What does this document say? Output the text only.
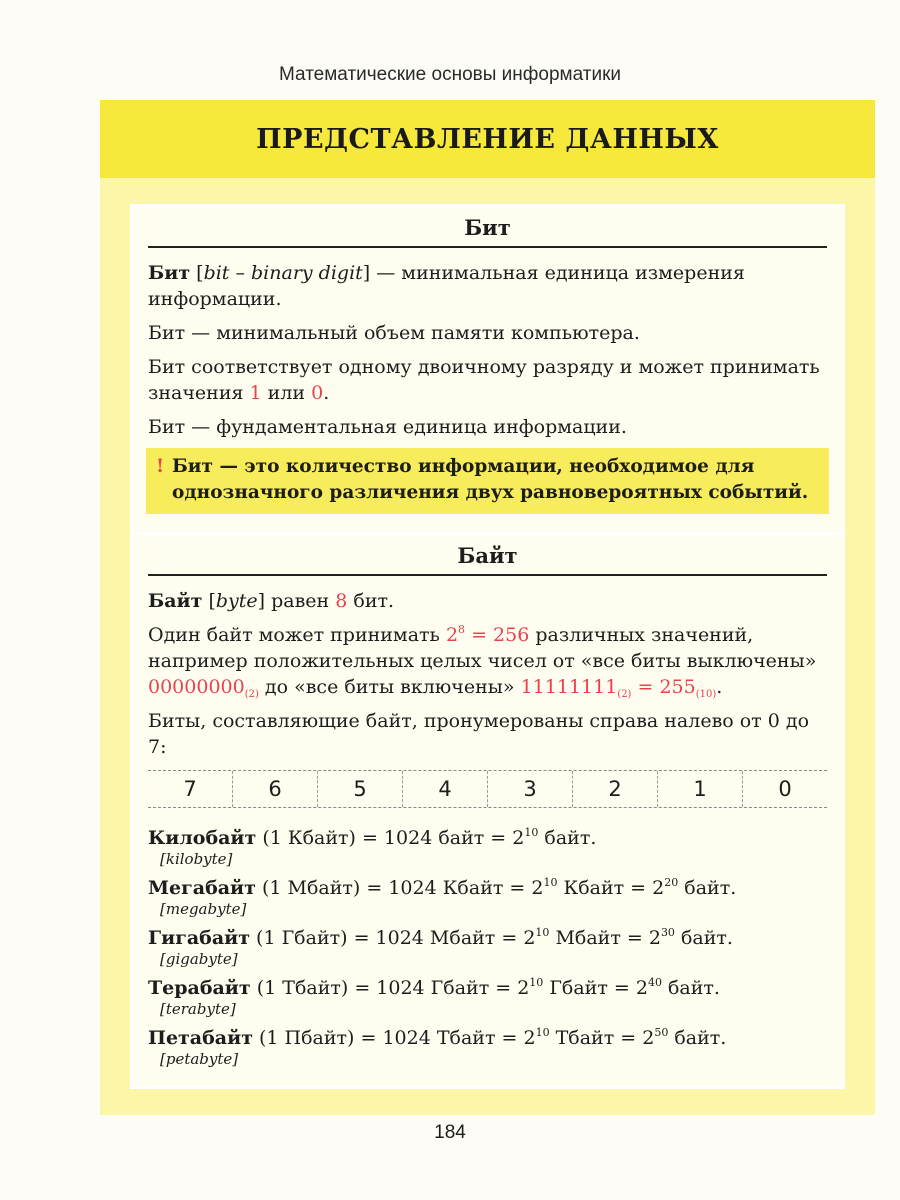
Математические основы информатики
ПРЕДСТАВЛЕНИЕ ДАННЫХ
Бит

Бит [bit – binary digit] — минимальная единица измерения информации.

Бит — минимальный объем памяти компьютера.

Бит соответствует одному двоичному разряду и может принимать значения 1 или 0.

Бит — фундаментальная единица информации.

! Бит — это количество информации, необходимое для однозначного различения двух равновероятных событий.
Байт

Байт [byte] равен 8 бит.

Один байт может принимать $2^8 = 256$ различных значений, например положительных целых чисел от «все биты выключены» $00000000_{(2)}$ до «все биты включены» $11111111_{(2)} = 255_{(10)}$.

Биты, составляющие байт, пронумерованы справа налево от 0 до 7:

7	6	5	4	3	2	1	0
Килобайт (1 Кбайт) = 1024 байт = $2^{10}$ байт.
[kilobyte]
Мегабайт (1 Мбайт) = 1024 Кбайт = $2^{10}$ Кбайт = $2^{20}$ байт.
[megabyte]
Гигабайт (1 Гбайт) = 1024 Мбайт = $2^{10}$ Мбайт = $2^{30}$ байт.
[gigabyte]
Терабайт (1 Тбайт) = 1024 Гбайт = $2^{10}$ Гбайт = $2^{40}$ байт.
[terabyte]
Петабайт (1 Пбайт) = 1024 Тбайт = $2^{10}$ Тбайт = $2^{50}$ байт.
[petabyte]
184
